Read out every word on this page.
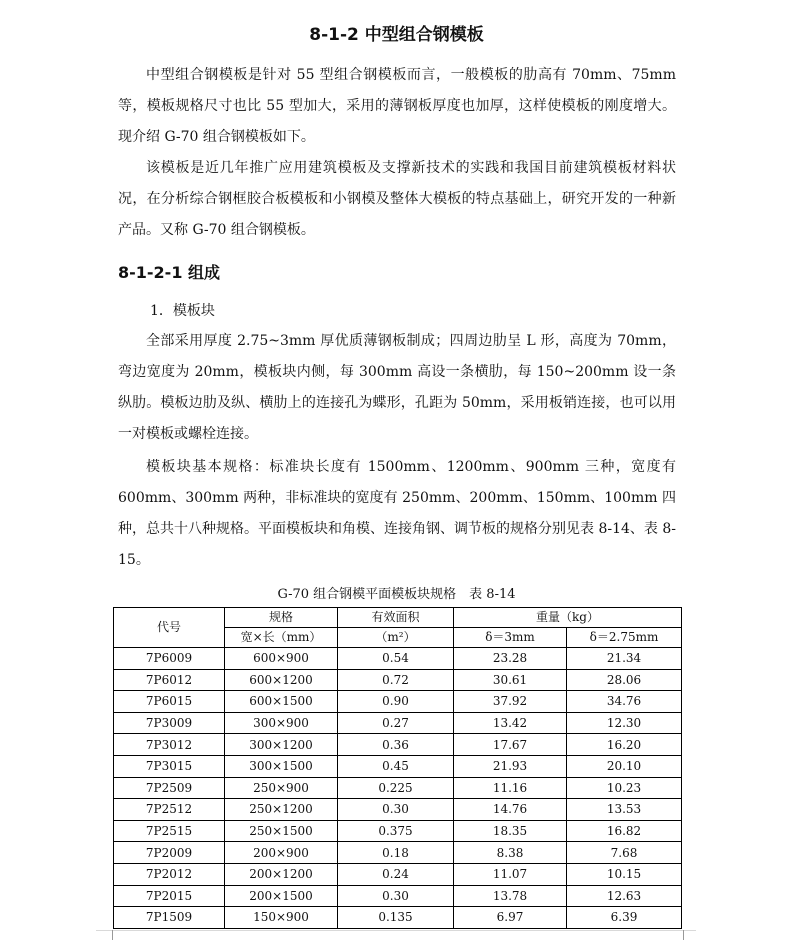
8-1-2 中型组合钢模板

中型组合钢模板是针对 55 型组合钢模板而言，一般模板的肋高有 70mm、75mm 等，模板规格尺寸也比 55 型加大，采用的薄钢板厚度也加厚，这样使模板的刚度增大。现介绍 G-70 组合钢模板如下。

该模板是近几年推广应用建筑模板及支撑新技术的实践和我国目前建筑模板材料状况，在分析综合钢框胶合板模板和小钢模及整体大模板的特点基础上，研究开发的一种新产品。又称 G-70 组合钢模板。

8-1-2-1 组成
1．模板块

全部采用厚度 2.75~3mm 厚优质薄钢板制成；四周边肋呈 L 形，高度为 70mm，弯边宽度为 20mm，模板块内侧，每 300mm 高设一条横肋，每 150~200mm 设一条纵肋。模板边肋及纵、横肋上的连接孔为蝶形，孔距为 50mm，采用板销连接，也可以用一对模板或螺栓连接。

模板块基本规格：标准块长度有 1500mm、1200mm、900mm 三种，宽度有 600mm、300mm 两种，非标准块的宽度有 250mm、200mm、150mm、100mm 四种，总共十八种规格。平面模板块和角模、连接角钢、调节板的规格分别见表 8-14、表 8-15。

G-70 组合钢模平面模板块规格　表 8-14
代号	规格	有效面积	重量（kg）	
	宽×长（mm）	（m²）	δ＝3mm	δ＝2.75mm
7P6009	600×900	0.54	23.28	21.34
7P6012	600×1200	0.72	30.61	28.06
7P6015	600×1500	0.90	37.92	34.76
7P3009	300×900	0.27	13.42	12.30
7P3012	300×1200	0.36	17.67	16.20
7P3015	300×1500	0.45	21.93	20.10
7P2509	250×900	0.225	11.16	10.23
7P2512	250×1200	0.30	14.76	13.53
7P2515	250×1500	0.375	18.35	16.82
7P2009	200×900	0.18	8.38	7.68
7P2012	200×1200	0.24	11.07	10.15
7P2015	200×1500	0.30	13.78	12.63
7P1509	150×900	0.135	6.97	6.39
